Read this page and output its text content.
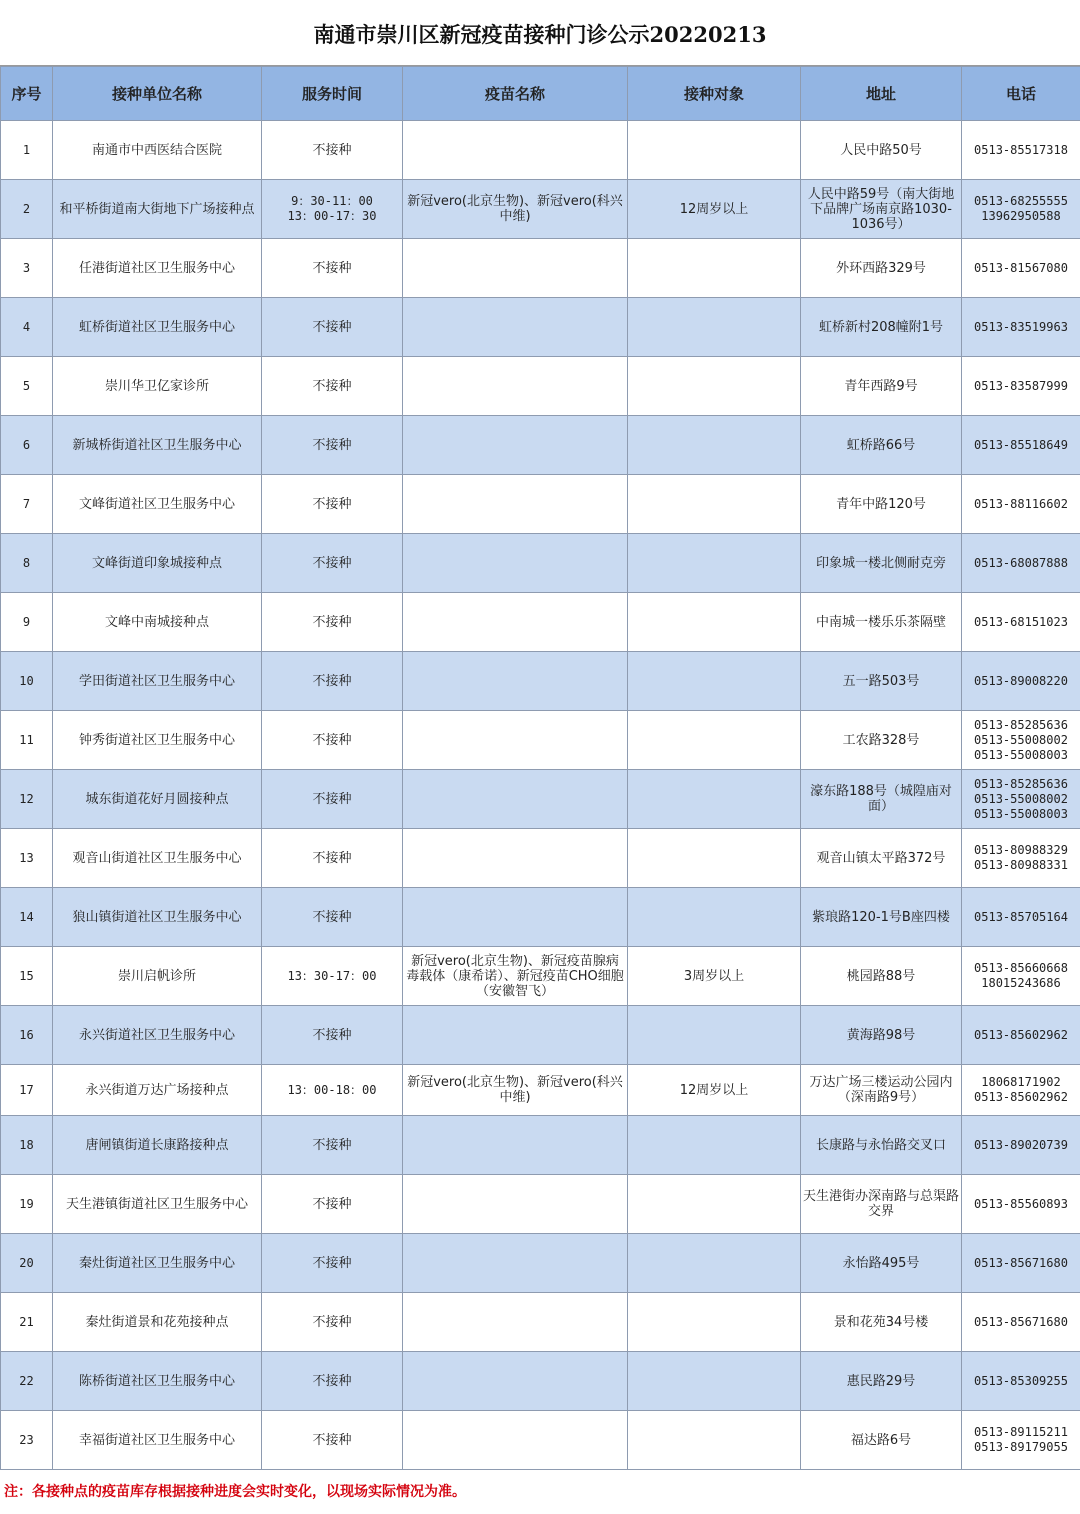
南通市崇川区新冠疫苗接种门诊公示20220213
序号	接种单位名称	服务时间	疫苗名称	接种对象	地址	电话
1	南通市中西医结合医院	不接种			人民中路50号	0513-85517318

2	和平桥街道南大街地下广场接种点	9：30-11：00
13：00-17：30	新冠vero(北京生物)、新冠vero(科兴中维)	12周岁以上	人民中路59号（南大街地下品牌广场南京路1030-1036号）	0513-68255555
13962950588

3	任港街道社区卫生服务中心	不接种			外环西路329号	0513-81567080

4	虹桥街道社区卫生服务中心	不接种			虹桥新村208幢附1号	0513-83519963

5	崇川华卫亿家诊所	不接种			青年西路9号	0513-83587999

6	新城桥街道社区卫生服务中心	不接种			虹桥路66号	0513-85518649

7	文峰街道社区卫生服务中心	不接种			青年中路120号	0513-88116602

8	文峰街道印象城接种点	不接种			印象城一楼北侧耐克旁	0513-68087888

9	文峰中南城接种点	不接种			中南城一楼乐乐茶隔壁	0513-68151023

10	学田街道社区卫生服务中心	不接种			五一路503号	0513-89008220

11	钟秀街道社区卫生服务中心	不接种			工农路328号	0513-85285636
0513-55008002
0513-55008003

12	城东街道花好月圆接种点	不接种			濠东路188号（城隍庙对面）	0513-85285636
0513-55008002
0513-55008003

13	观音山街道社区卫生服务中心	不接种			观音山镇太平路372号	0513-80988329
0513-80988331

14	狼山镇街道社区卫生服务中心	不接种			紫琅路120-1号B座四楼	0513-85705164

15	崇川启帆诊所	13：30-17：00	新冠vero(北京生物)、新冠疫苗腺病毒载体（康希诺）、新冠疫苗CHO细胞（安徽智飞）	3周岁以上	桃园路88号	0513-85660668
18015243686

16	永兴街道社区卫生服务中心	不接种			黄海路98号	0513-85602962

17	永兴街道万达广场接种点	13：00-18：00	新冠vero(北京生物)、新冠vero(科兴中维)	12周岁以上	万达广场三楼运动公园内（深南路9号）	18068171902
0513-85602962

18	唐闸镇街道长康路接种点	不接种			长康路与永怡路交叉口	0513-89020739

19	天生港镇街道社区卫生服务中心	不接种			天生港街办深南路与总渠路交界	0513-85560893

20	秦灶街道社区卫生服务中心	不接种			永怡路495号	0513-85671680

21	秦灶街道景和花苑接种点	不接种			景和花苑34号楼	0513-85671680

22	陈桥街道社区卫生服务中心	不接种			惠民路29号	0513-85309255

23	幸福街道社区卫生服务中心	不接种			福达路6号	0513-89115211
0513-89179055
注：各接种点的疫苗库存根据接种进度会实时变化，以现场实际情况为准。
